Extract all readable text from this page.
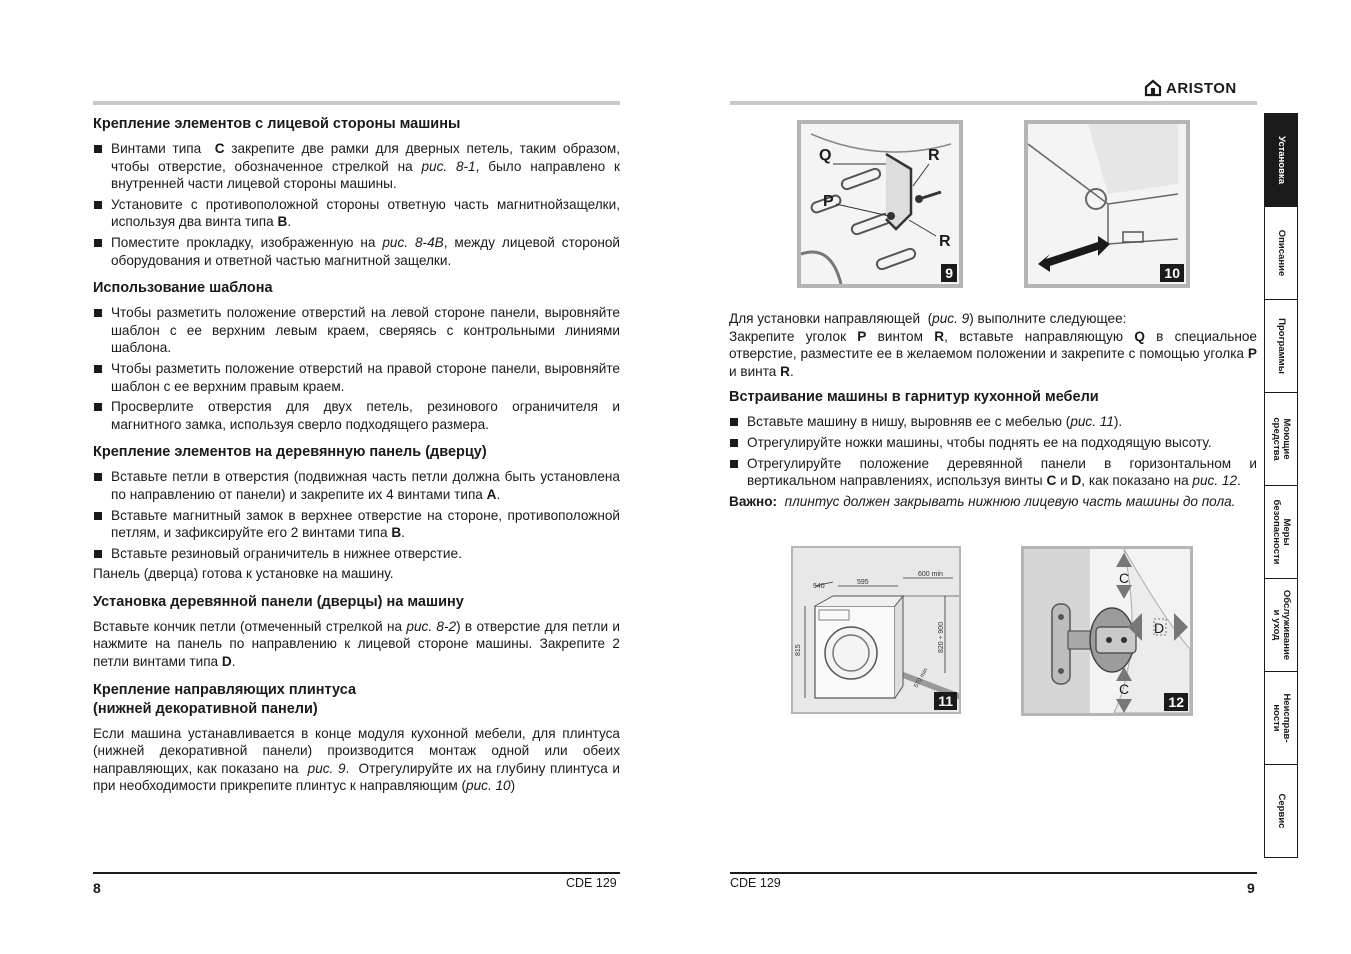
Крепление элементов с лицевой стороны машины
Винтами типа  C закрепите две рамки для дверных петель, таким образом, чтобы отверстие, обозначенное стрелкой на рис. 8-1, было направлено к внутренней части лицевой стороны машины.
Установите с противоположной стороны ответную часть магнитнойзащелки, используя два винта типа B.
Поместите прокладку, изображенную на рис. 8-4B, между лицевой стороной оборудования и ответной частью магнитной защелки.
Использование шаблона
Чтобы разметить положение отверстий на левой стороне панели, выровняйте шаблон с ее верхним левым краем, сверяясь с контрольными линиями шаблона.
Чтобы разметить положение отверстий на правой стороне панели, выровняйте шаблон с ее верхним правым краем.
Просверлите отверстия для двух петель, резинового ограничителя и магнитного замка, используя сверло подходящего размера.
Крепление элементов на деревянную панель (дверцу)
Вставьте петли в отверстия (подвижная часть петли должна быть установлена по направлению от панели) и закрепите их 4 винтами типа A.
Вставьте магнитный замок в верхнее отверстие на стороне, противоположной петлям, и зафиксируйте его 2 винтами типа B.
Вставьте резиновый ограничитель в нижнее отверстие.

Панель (дверца) готова к установке на машину.

Установка деревянной панели (дверцы) на машину

Вставьте кончик петли (отмеченный стрелкой на рис. 8-2) в отверстие для петли и нажмите на панель по направлению к лицевой стороне машины. Закрепите 2 петли винтами типа D.

Крепление направляющих плинтуса
(нижней декоративной панели)

Если машина устанавливается в конце модуля кухонной мебели, для плинтуса (нижней декоративной панели) производится монтаж одной или обеих направляющих, как показано на  рис. 9.  Отрегулируйте их на глубину плинтуса и при необходимости прикрепите плинтус к направляющим (рис. 10)

8	CDE 129
ARISTON
Q	R
P
R
9	10

Для установки направляющей  (рис. 9) выполните следующее:

Закрепите уголок P винтом R, вставьте направляющую Q в специальное отверстие, разместите ее в желаемом положении и закрепите с помощью уголка P и винта R.

Встраивание машины в гарнитур кухонной мебели
Вставьте машину в нишу, выровняв ее с мебелью (рис. 11).
Отрегулируйте ножки машины, чтобы поднять ее на подходящую высоту.
Отрегулируйте положение деревянной панели в горизонтальном и вертикальном направлениях, используя винты C и D, как показано на рис. 12.

Важно: плинтус должен закрывать нижнюю лицевую часть машины до пола.

540
595
600 min
815	820 ÷ 900
570 min
11
C
D
C
12
CDE 129	9
Установка
Описание
Программы
Моющие
средства
Меры
безопасности
Обслуживание
и уход
Неисправ-
ности
Сервис
